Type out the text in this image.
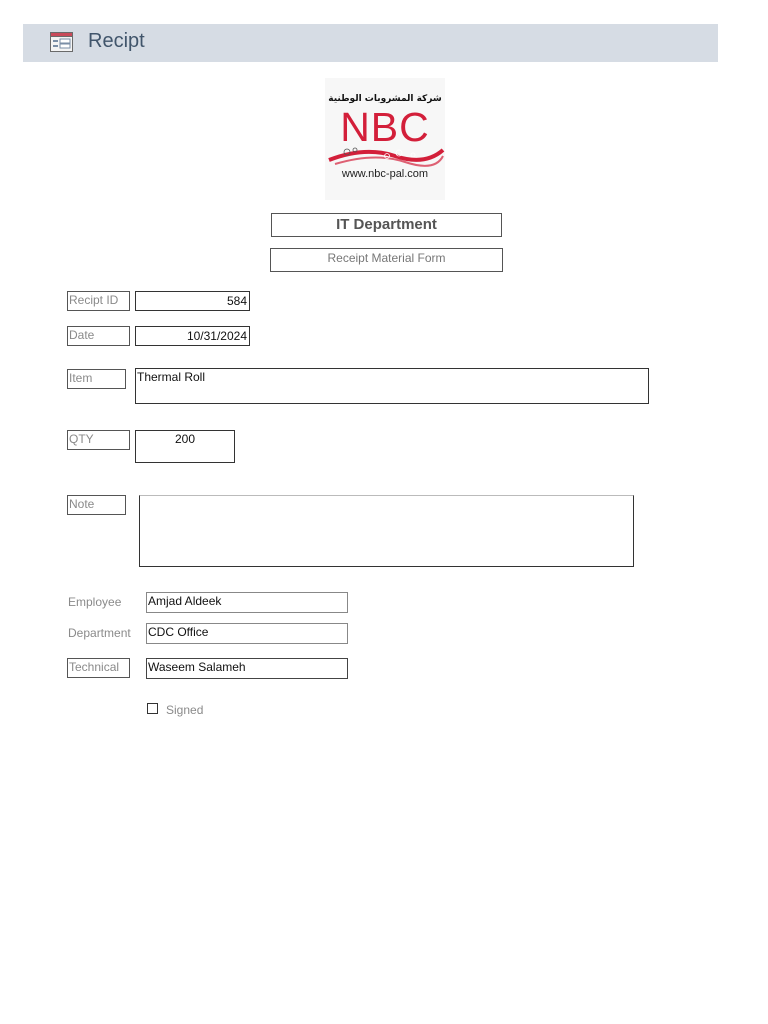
Recipt
شركة المشروبات الوطنية
NBC
www.nbc-pal.com
IT Department
Receipt Material Form
Recipt ID	584
Date	10/31/2024
Item	Thermal Roll
QTY	200
Note
Employee Amjad Aldeek
Department CDC Office
Technical	Waseem Salameh
Signed
